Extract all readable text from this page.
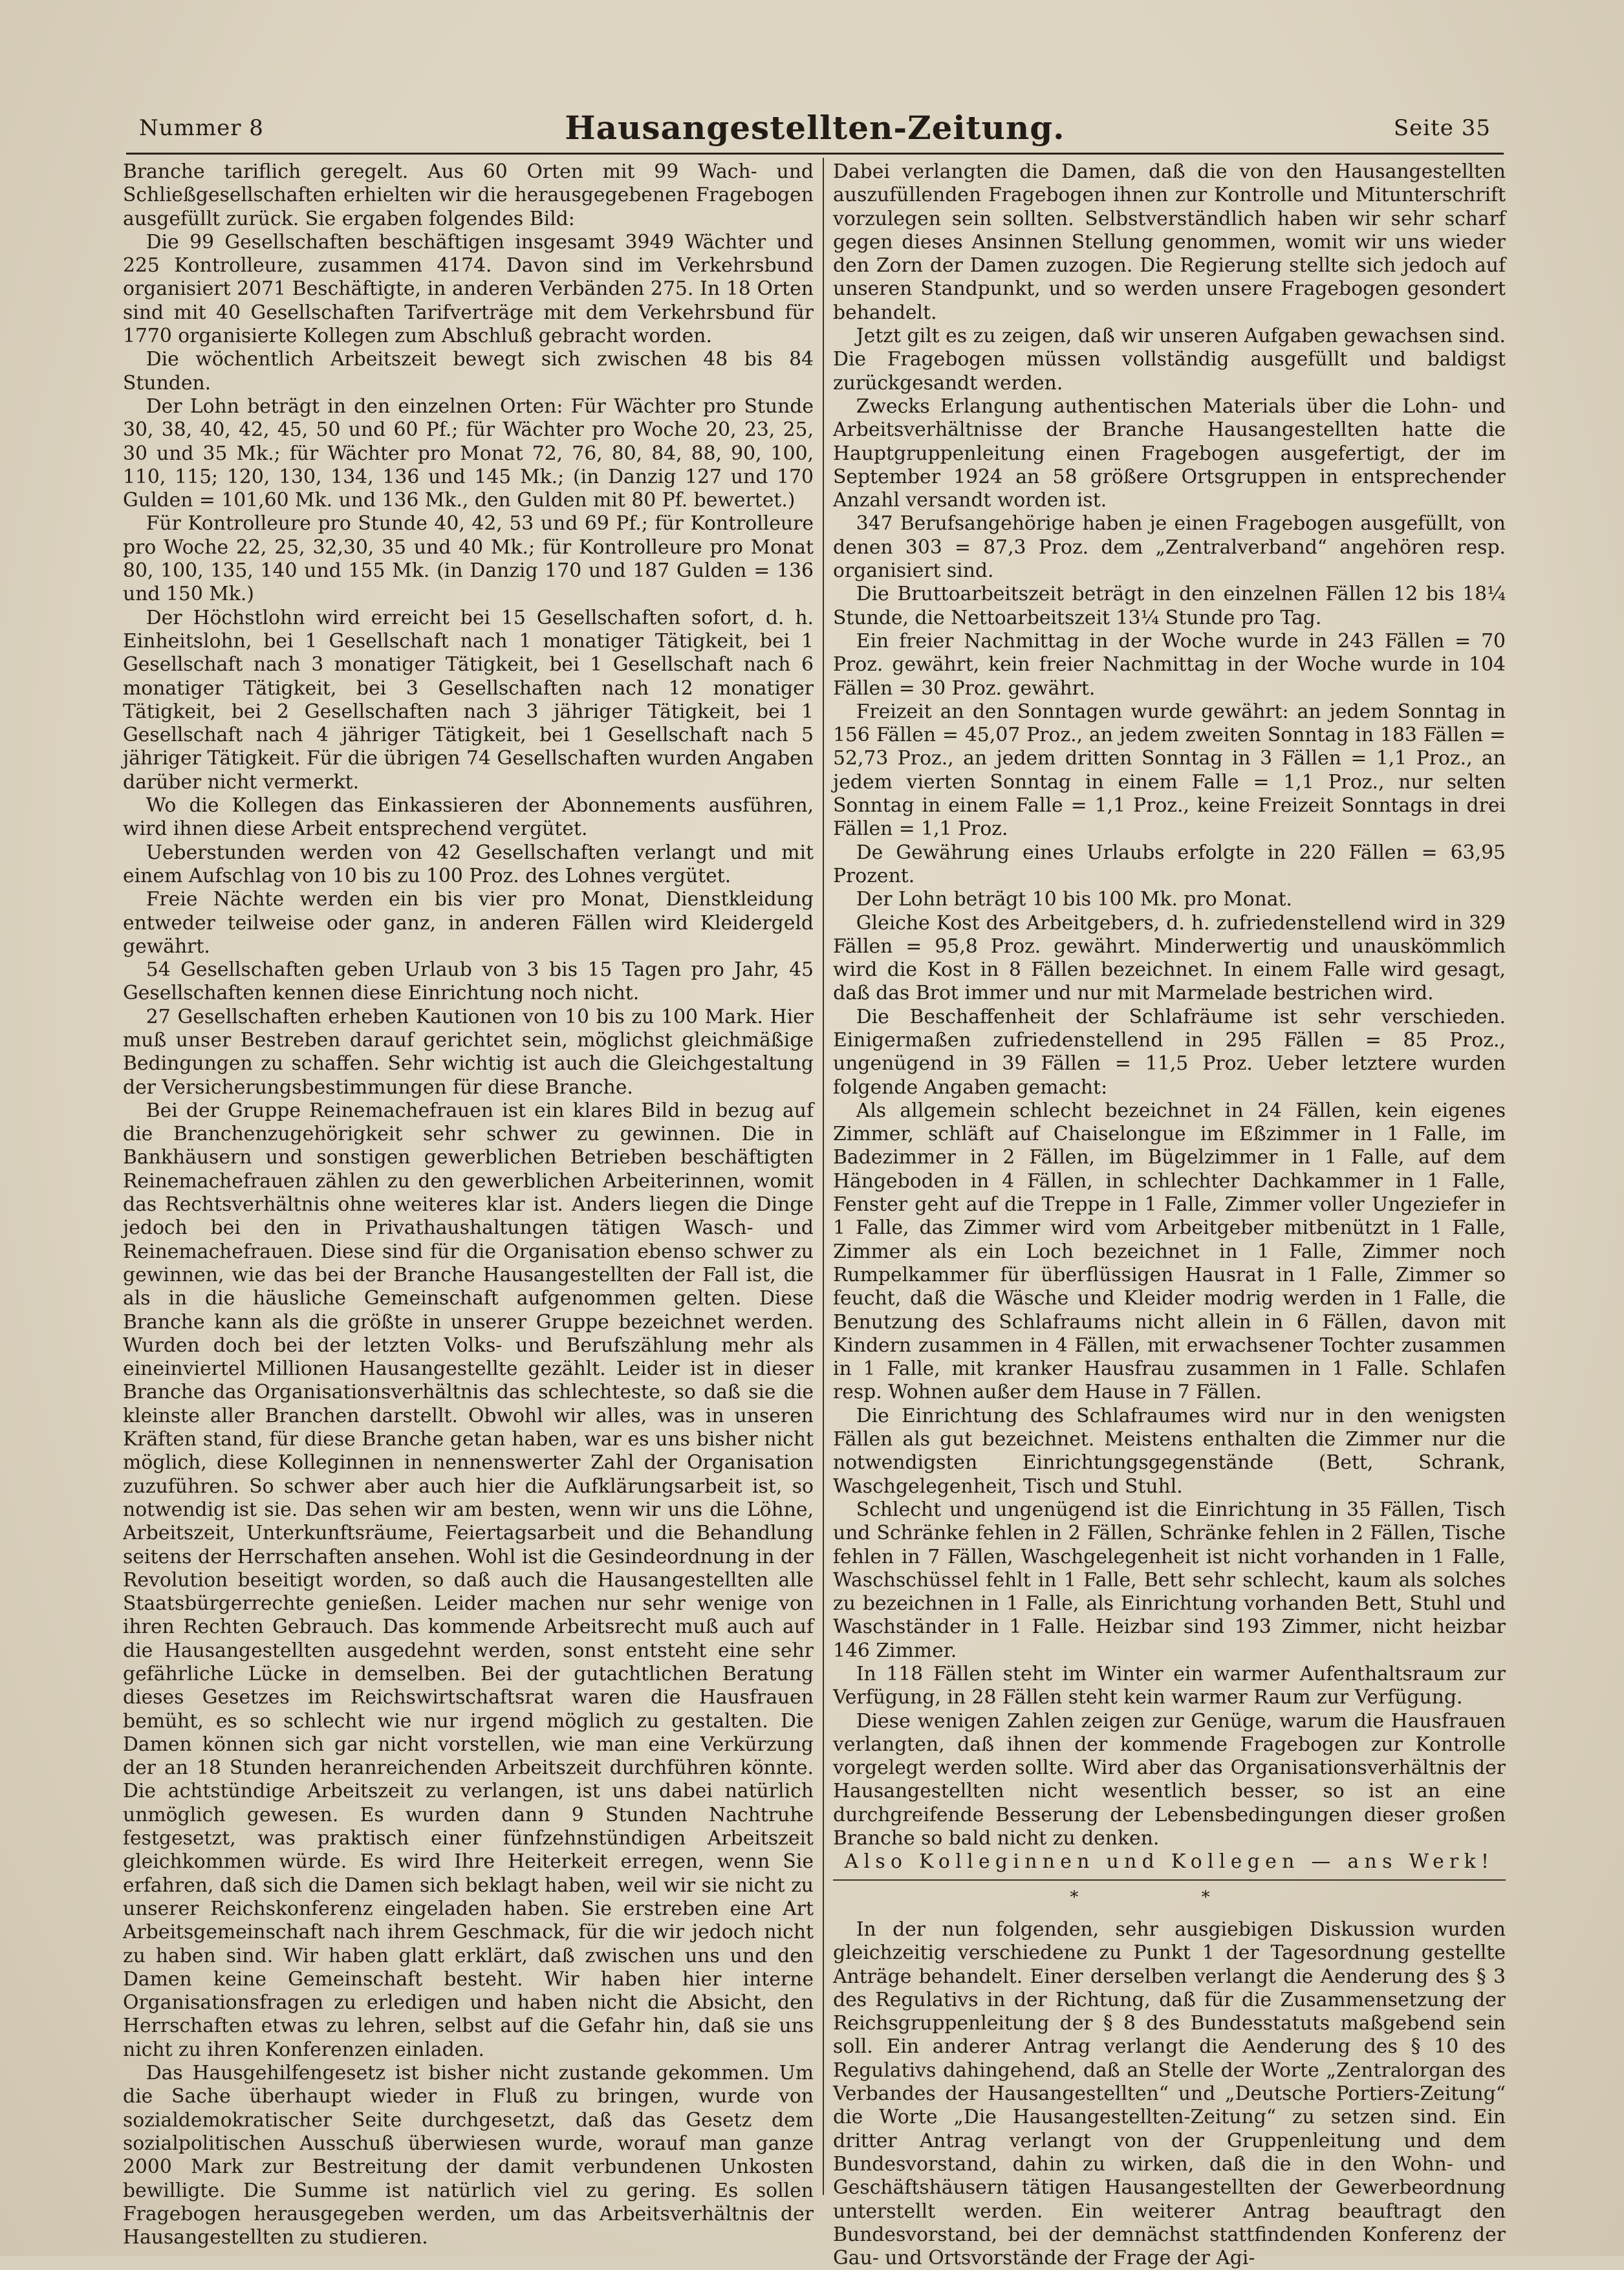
Nummer 8	Hausangestellten-Zeitung.	Seite 35

Branche tariflich geregelt. Aus 60 Orten mit 99 Wach- und Schließgesellschaften erhielten wir die herausgegebenen Fragebogen ausgefüllt zurück. Sie ergaben folgendes Bild:

Die 99 Gesellschaften beschäftigen insgesamt 3949 Wächter und 225 Kontrolleure, zusammen 4174. Davon sind im Verkehrsbund organisiert 2071 Beschäftigte, in anderen Verbänden 275. In 18 Orten sind mit 40 Gesellschaften Tarifverträge mit dem Verkehrsbund für 1770 organisierte Kollegen zum Abschluß gebracht worden.

Die wöchentlich Arbeitszeit bewegt sich zwischen 48 bis 84 Stunden.

Der Lohn beträgt in den einzelnen Orten: Für Wächter pro Stunde 30, 38, 40, 42, 45, 50 und 60 Pf.; für Wächter pro Woche 20, 23, 25, 30 und 35 Mk.; für Wächter pro Monat 72, 76, 80, 84, 88, 90, 100, 110, 115; 120, 130, 134, 136 und 145 Mk.; (in Danzig 127 und 170 Gulden = 101,60 Mk. und 136 Mk., den Gulden mit 80 Pf. bewertet.)

Für Kontrolleure pro Stunde 40, 42, 53 und 69 Pf.; für Kontrolleure pro Woche 22, 25, 32,30, 35 und 40 Mk.; für Kontrolleure pro Monat 80, 100, 135, 140 und 155 Mk. (in Danzig 170 und 187 Gulden = 136 und 150 Mk.)

Der Höchstlohn wird erreicht bei 15 Gesellschaften sofort, d. h. Einheitslohn, bei 1 Gesellschaft nach 1 monatiger Tätigkeit, bei 1 Gesellschaft nach 3 monatiger Tätigkeit, bei 1 Gesellschaft nach 6 monatiger Tätigkeit, bei 3 Gesellschaften nach 12 monatiger Tätigkeit, bei 2 Gesellschaften nach 3 jähriger Tätigkeit, bei 1 Gesellschaft nach 4 jähriger Tätigkeit, bei 1 Gesellschaft nach 5 jähriger Tätigkeit. Für die übrigen 74 Gesellschaften wurden Angaben darüber nicht vermerkt.

Wo die Kollegen das Einkassieren der Abonnements ausführen, wird ihnen diese Arbeit entsprechend vergütet.

Ueberstunden werden von 42 Gesellschaften verlangt und mit einem Aufschlag von 10 bis zu 100 Proz. des Lohnes vergütet.

Freie Nächte werden ein bis vier pro Monat, Dienstkleidung entweder teilweise oder ganz, in anderen Fällen wird Kleidergeld gewährt.

54 Gesellschaften geben Urlaub von 3 bis 15 Tagen pro Jahr, 45 Gesellschaften kennen diese Einrichtung noch nicht.

27 Gesellschaften erheben Kautionen von 10 bis zu 100 Mark. Hier muß unser Bestreben darauf gerichtet sein, möglichst gleichmäßige Bedingungen zu schaffen. Sehr wichtig ist auch die Gleichgestaltung der Versicherungsbestimmungen für diese Branche.

Bei der Gruppe Reinemachefrauen ist ein klares Bild in bezug auf die Branchenzugehörigkeit sehr schwer zu gewinnen. Die in Bankhäusern und sonstigen gewerblichen Betrieben beschäftigten Reinemachefrauen zählen zu den gewerblichen Arbeiterinnen, womit das Rechtsverhältnis ohne weiteres klar ist. Anders liegen die Dinge jedoch bei den in Privathaushaltungen tätigen Wasch- und Reinemachefrauen. Diese sind für die Organisation ebenso schwer zu gewinnen, wie das bei der Branche Hausangestellten der Fall ist, die als in die häusliche Gemeinschaft aufgenommen gelten. Diese Branche kann als die größte in unserer Gruppe bezeichnet werden. Wurden doch bei der letzten Volks- und Berufszählung mehr als eineinviertel Millionen Hausangestellte gezählt. Leider ist in dieser Branche das Organisationsverhältnis das schlechteste, so daß sie die kleinste aller Branchen darstellt. Obwohl wir alles, was in unseren Kräften stand, für diese Branche getan haben, war es uns bisher nicht möglich, diese Kolleginnen in nennenswerter Zahl der Organisation zuzuführen. So schwer aber auch hier die Aufklärungsarbeit ist, so notwendig ist sie. Das sehen wir am besten, wenn wir uns die Löhne, Arbeitszeit, Unterkunftsräume, Feiertagsarbeit und die Behandlung seitens der Herrschaften ansehen. Wohl ist die Gesindeordnung in der Revolution beseitigt worden, so daß auch die Hausangestellten alle Staatsbürgerrechte genießen. Leider machen nur sehr wenige von ihren Rechten Gebrauch. Das kommende Arbeitsrecht muß auch auf die Hausangestellten ausgedehnt werden, sonst entsteht eine sehr gefährliche Lücke in demselben. Bei der gutachtlichen Beratung dieses Gesetzes im Reichswirtschaftsrat waren die Hausfrauen bemüht, es so schlecht wie nur irgend möglich zu gestalten. Die Damen können sich gar nicht vorstellen, wie man eine Verkürzung der an 18 Stunden heranreichenden Arbeitszeit durchführen könnte. Die achtstündige Arbeitszeit zu verlangen, ist uns dabei natürlich unmöglich gewesen. Es wurden dann 9 Stunden Nachtruhe festgesetzt, was praktisch einer fünfzehnstündigen Arbeitszeit gleichkommen würde. Es wird Ihre Heiterkeit erregen, wenn Sie erfahren, daß sich die Damen sich beklagt haben, weil wir sie nicht zu unserer Reichskonferenz eingeladen haben. Sie erstreben eine Art Arbeitsgemeinschaft nach ihrem Geschmack, für die wir jedoch nicht zu haben sind. Wir haben glatt erklärt, daß zwischen uns und den Damen keine Gemeinschaft besteht. Wir haben hier interne Organisationsfragen zu erledigen und haben nicht die Absicht, den Herrschaften etwas zu lehren, selbst auf die Gefahr hin, daß sie uns nicht zu ihren Konferenzen einladen.

Das Hausgehilfengesetz ist bisher nicht zustande gekommen. Um die Sache überhaupt wieder in Fluß zu bringen, wurde von sozialdemokratischer Seite durchgesetzt, daß das Gesetz dem sozialpolitischen Ausschuß überwiesen wurde, worauf man ganze 2000 Mark zur Bestreitung der damit verbundenen Unkosten bewilligte. Die Summe ist natürlich viel zu gering. Es sollen Fragebogen herausgegeben werden, um das Arbeitsverhältnis der Hausangestellten zu studieren.

Dabei verlangten die Damen, daß die von den Hausangestellten auszufüllenden Fragebogen ihnen zur Kontrolle und Mitunterschrift vorzulegen sein sollten. Selbstverständlich haben wir sehr scharf gegen dieses Ansinnen Stellung genommen, womit wir uns wieder den Zorn der Damen zuzogen. Die Regierung stellte sich jedoch auf unseren Standpunkt, und so werden unsere Fragebogen gesondert behandelt.

Jetzt gilt es zu zeigen, daß wir unseren Aufgaben gewachsen sind. Die Fragebogen müssen vollständig ausgefüllt und baldigst zurückgesandt werden.

Zwecks Erlangung authentischen Materials über die Lohn- und Arbeitsverhältnisse der Branche Hausangestellten hatte die Hauptgruppenleitung einen Fragebogen ausgefertigt, der im September 1924 an 58 größere Ortsgruppen in entsprechender Anzahl versandt worden ist.

347 Berufsangehörige haben je einen Fragebogen ausgefüllt, von denen 303 = 87,3 Proz. dem „Zentralverband“ angehören resp. organisiert sind.

Die Bruttoarbeitszeit beträgt in den einzelnen Fällen 12 bis 18¼ Stunde, die Nettoarbeitszeit 13¼ Stunde pro Tag.

Ein freier Nachmittag in der Woche wurde in 243 Fällen = 70 Proz. gewährt, kein freier Nachmittag in der Woche wurde in 104 Fällen = 30 Proz. gewährt.

Freizeit an den Sonntagen wurde gewährt: an jedem Sonntag in 156 Fällen = 45,07 Proz., an jedem zweiten Sonntag in 183 Fällen = 52,73 Proz., an jedem dritten Sonntag in 3 Fällen = 1,1 Proz., an jedem vierten Sonntag in einem Falle = 1,1 Proz., nur selten Sonntag in einem Falle = 1,1 Proz., keine Freizeit Sonntags in drei Fällen = 1,1 Proz.

De Gewährung eines Urlaubs erfolgte in 220 Fällen = 63,95 Prozent.

Der Lohn beträgt 10 bis 100 Mk. pro Monat.

Gleiche Kost des Arbeitgebers, d. h. zufriedenstellend wird in 329 Fällen = 95,8 Proz. gewährt. Minderwertig und unauskömmlich wird die Kost in 8 Fällen bezeichnet. In einem Falle wird gesagt, daß das Brot immer und nur mit Marmelade bestrichen wird.

Die Beschaffenheit der Schlafräume ist sehr verschieden. Einigermaßen zufriedenstellend in 295 Fällen = 85 Proz., ungenügend in 39 Fällen = 11,5 Proz. Ueber letztere wurden folgende Angaben gemacht:

Als allgemein schlecht bezeichnet in 24 Fällen, kein eigenes Zimmer, schläft auf Chaiselongue im Eßzimmer in 1 Falle, im Badezimmer in 2 Fällen, im Bügelzimmer in 1 Falle, auf dem Hängeboden in 4 Fällen, in schlechter Dachkammer in 1 Falle, Fenster geht auf die Treppe in 1 Falle, Zimmer voller Ungeziefer in 1 Falle, das Zimmer wird vom Arbeitgeber mitbenützt in 1 Falle, Zimmer als ein Loch bezeichnet in 1 Falle, Zimmer noch Rumpelkammer für überflüssigen Hausrat in 1 Falle, Zimmer so feucht, daß die Wäsche und Kleider modrig werden in 1 Falle, die Benutzung des Schlafraums nicht allein in 6 Fällen, davon mit Kindern zusammen in 4 Fällen, mit erwachsener Tochter zusammen in 1 Falle, mit kranker Hausfrau zusammen in 1 Falle. Schlafen resp. Wohnen außer dem Hause in 7 Fällen.

Die Einrichtung des Schlafraumes wird nur in den wenigsten Fällen als gut bezeichnet. Meistens enthalten die Zimmer nur die notwendigsten Einrichtungsgegenstände (Bett, Schrank, Waschgelegenheit, Tisch und Stuhl.

Schlecht und ungenügend ist die Einrichtung in 35 Fällen, Tisch und Schränke fehlen in 2 Fällen, Schränke fehlen in 2 Fällen, Tische fehlen in 7 Fällen, Waschgelegenheit ist nicht vorhanden in 1 Falle, Waschschüssel fehlt in 1 Falle, Bett sehr schlecht, kaum als solches zu bezeichnen in 1 Falle, als Einrichtung vorhanden Bett, Stuhl und Waschständer in 1 Falle. Heizbar sind 193 Zimmer, nicht heizbar 146 Zimmer.

In 118 Fällen steht im Winter ein warmer Aufenthaltsraum zur Verfügung, in 28 Fällen steht kein warmer Raum zur Verfügung.

Diese wenigen Zahlen zeigen zur Genüge, warum die Hausfrauen verlangten, daß ihnen der kommende Fragebogen zur Kontrolle vorgelegt werden sollte. Wird aber das Organisationsverhältnis der Hausangestellten nicht wesentlich besser, so ist an eine durchgreifende Besserung der Lebensbedingungen dieser großen Branche so bald nicht zu denken.

Also Kolleginnen und Kollegen — ans Werk!

* *

In der nun folgenden, sehr ausgiebigen Diskussion wurden gleichzeitig verschiedene zu Punkt 1 der Tagesordnung gestellte Anträge behandelt. Einer derselben verlangt die Aenderung des § 3 des Regulativs in der Richtung, daß für die Zusammensetzung der Reichsgruppenleitung der § 8 des Bundesstatuts maßgebend sein soll. Ein anderer Antrag verlangt die Aenderung des § 10 des Regulativs dahingehend, daß an Stelle der Worte „Zentralorgan des Verbandes der Hausangestellten“ und „Deutsche Portiers-Zeitung“ die Worte „Die Hausangestellten-Zeitung“ zu setzen sind. Ein dritter Antrag verlangt von der Gruppenleitung und dem Bundesvorstand, dahin zu wirken, daß die in den Wohn- und Geschäftshäusern tätigen Hausangestellten der Gewerbeordnung unterstellt werden. Ein weiterer Antrag beauftragt den Bundesvorstand, bei der demnächst stattfindenden Konferenz der Gau- und Ortsvorstände der Frage der Agi-
